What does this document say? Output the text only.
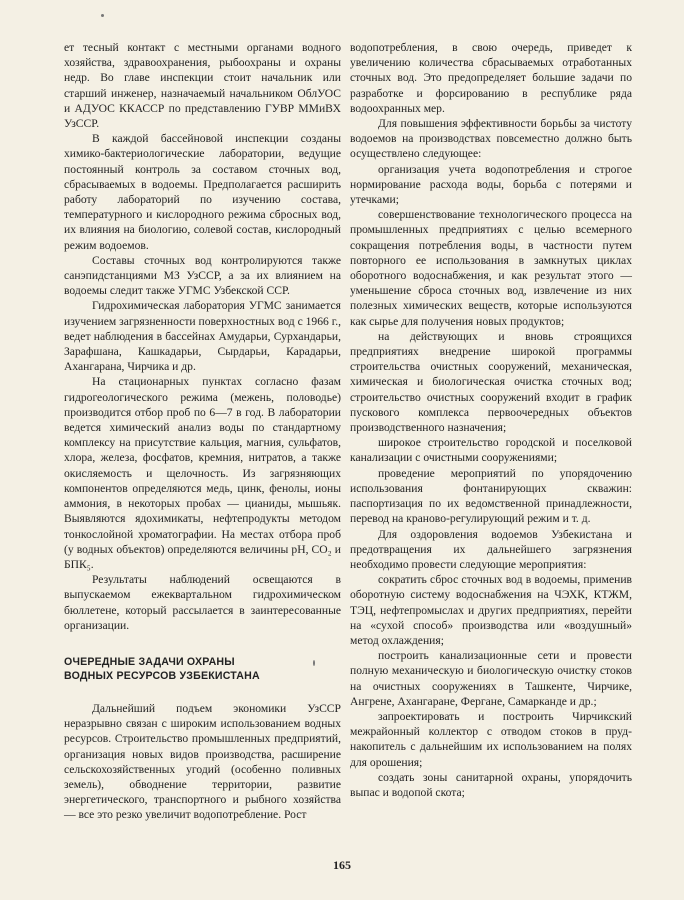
ет тесный контакт с местными органами водного хозяйства, здравоохранения, рыбоохраны и охраны недр. Во главе инспекции стоит начальник или старший инженер, назначаемый начальником ОблУОС и АДУОС ККАССР по представлению ГУВР ММиВХ УзССР.

В каждой бассейновой инспекции созданы химико-бактериологические лаборатории, ведущие постоянный контроль за составом сточных вод, сбрасываемых в водоемы. Предполагается расширить работу лабораторий по изучению состава, температурного и кислородного режима сбросных вод, их влияния на биологию, солевой состав, кислородный режим водоемов.

Составы сточных вод контролируются также санэпидстанциями МЗ УзССР, а за их влиянием на водоемы следит также УГМС Узбекской ССР.

Гидрохимическая лаборатория УГМС занимается изучением загрязненности поверхностных вод с 1966 г., ведет наблюдения в бассейнах Амударьи, Сурхандарьи, Зарафшана, Кашкадарьи, Сырдарьи, Карадарьи, Ахангарана, Чирчика и др.

На стационарных пунктах согласно фазам гидрогеологического режима (межень, половодье) производится отбор проб по 6—7 в год. В лаборатории ведется химический анализ воды по стандартному комплексу на присутствие кальция, магния, сульфатов, хлора, железа, фосфатов, кремния, нитратов, а также окисляемость и щелочность. Из загрязняющих компонентов определяются медь, цинк, фенолы, ионы аммония, в некоторых пробах — цианиды, мышьяк. Выявляются ядохимикаты, нефтепродукты методом тонкослойной хроматографии. На местах отбора проб (у водных объектов) определяются величины pH, CO₂ и БПК₅.

Результаты наблюдений освещаются в выпускаемом ежеквартальном гидрохимическом бюллетене, который рассылается в заинтересованные организации.

ОЧЕРЕДНЫЕ ЗАДАЧИ ОХРАНЫ
ВОДНЫХ РЕСУРСОВ УЗБЕКИСТАНА

Дальнейший подъем экономики УзССР неразрывно связан с широким использованием водных ресурсов. Строительство промышленных предприятий, организация новых видов производства, расширение сельскохозяйственных угодий (особенно поливных земель), обводнение территории, развитие энергетического, транспортного и рыбного хозяйства — все это резко увеличит водопотребление. Рост

водопотребления, в свою очередь, приведет к увеличению количества сбрасываемых отработанных сточных вод. Это предопределяет большие задачи по разработке и форсированию в республике ряда водоохранных мер.

Для повышения эффективности борьбы за чистоту водоемов на производствах повсеместно должно быть осуществлено следующее:

организация учета водопотребления и строгое нормирование расхода воды, борьба с потерями и утечками;

совершенствование технологического процесса на промышленных предприятиях с целью всемерного сокращения потребления воды, в частности путем повторного ее использования в замкнутых циклах оборотного водоснабжения, и как результат этого — уменьшение сброса сточных вод, извлечение из них полезных химических веществ, которые используются как сырье для получения новых продуктов;

на действующих и вновь строящихся предприятиях внедрение широкой программы строительства очистных сооружений, механическая, химическая и биологическая очистка сточных вод; строительство очистных сооружений входит в график пускового комплекса первоочередных объектов производственного назначения;

широкое строительство городской и поселковой канализации с очистными сооружениями;

проведение мероприятий по упорядочению использования фонтанирующих скважин: паспортизация по их ведомственной принадлежности, перевод на крановo-регулирующий режим и т. д.

Для оздоровления водоемов Узбекистана и предотвращения их дальнейшего загрязнения необходимо провести следующие мероприятия:

сократить сброс сточных вод в водоемы, применив оборотную систему водоснабжения на ЧЭХК, КТЖМ, ТЭЦ, нефтепромыслах и других предприятиях, перейти на «сухой способ» производства или «воздушный» метод охлаждения;

построить канализационные сети и провести полную механическую и биологическую очистку стоков на очистных сооружениях в Ташкенте, Чирчике, Ангрене, Ахангаране, Фергане, Самарканде и др.;

запроектировать и построить Чирчикский межрайонный коллектор с отводом стоков в пруд-накопитель с дальнейшим их использованием на полях для орошения;

создать зоны санитарной охраны, упорядочить выпас и водопой скота;

165
